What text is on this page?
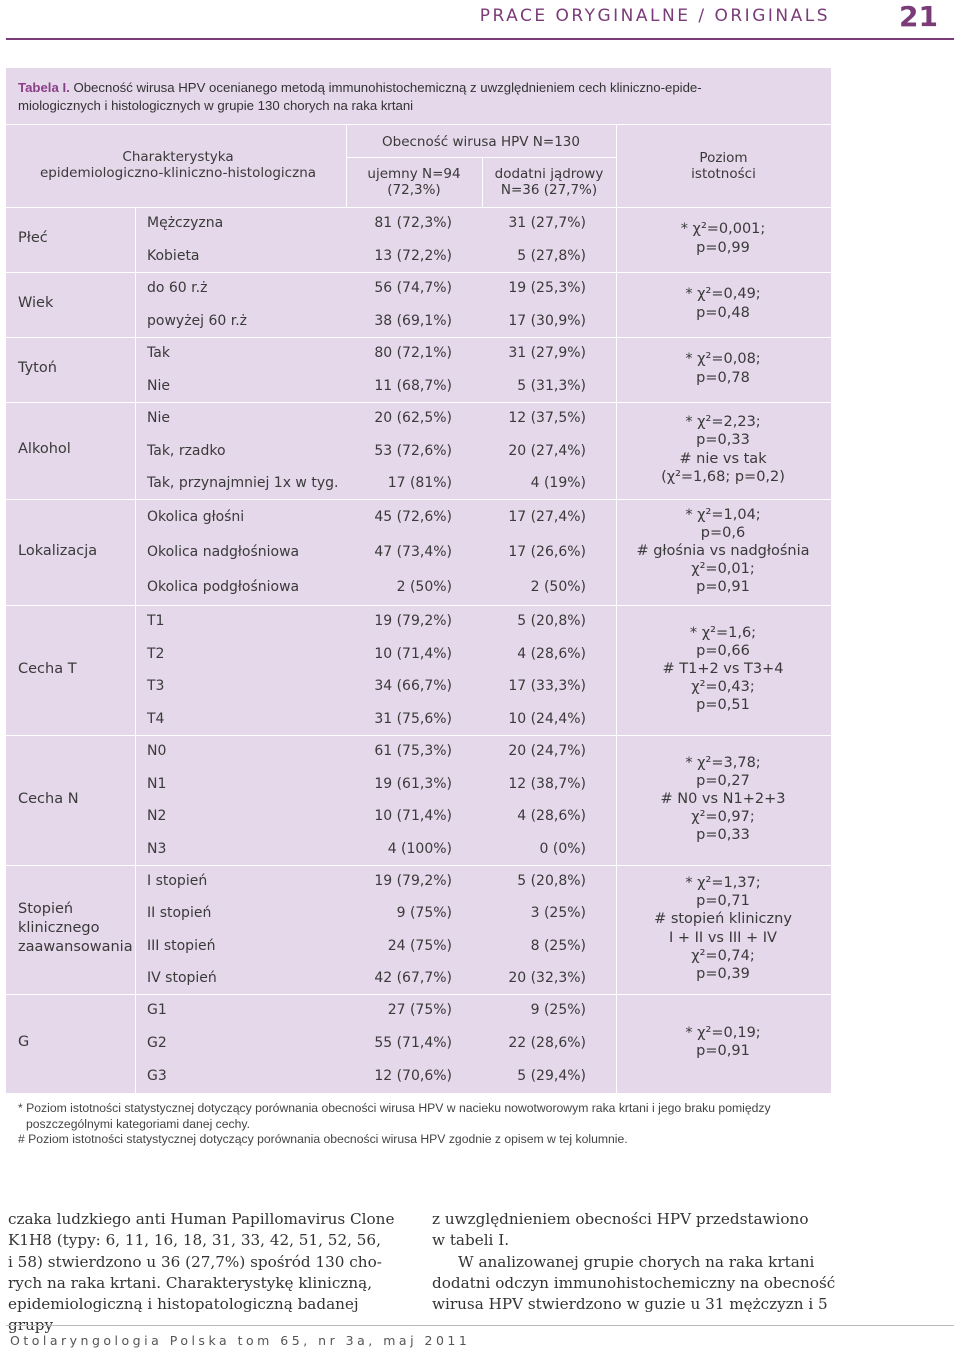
PRACE ORYGINALNE / ORIGINALS 21
Tabela I. Obecność wirusa HPV ocenianego metodą immunohistochemiczną z uwzględnieniem cech kliniczno-epide-
miologicznych i histologicznych w grupie 130 chorych na raka krtani
Charakterystyka
epidemiologiczno-kliniczno-histologiczna
Obecność wirusa HPV N=130
ujemny N=94
(72,3%)
dodatni jądrowy
N=36 (27,7%)
Poziom
istotności
Płeć
Mężczyzna	81 (72,3%)	31 (27,7%)
Kobieta	13 (72,2%)	5 (27,8%)
* χ²=0,001;
p=0,99
Wiek
do 60 r.ż	56 (74,7%)	19 (25,3%)
powyżej 60 r.ż	38 (69,1%)	17 (30,9%)
* χ²=0,49;
p=0,48
Tytoń
Tak	80 (72,1%)	31 (27,9%)
Nie	11 (68,7%)	5 (31,3%)
* χ²=0,08;
p=0,78
Alkohol
Nie	20 (62,5%)	12 (37,5%)
Tak, rzadko	53 (72,6%)	20 (27,4%)
Tak, przynajmniej 1x w tyg.	17 (81%)	4 (19%)
* χ²=2,23;
p=0,33
# nie vs tak
(χ²=1,68; p=0,2)
Lokalizacja
Okolica głośni	45 (72,6%)	17 (27,4%)
Okolica nadgłośniowa	47 (73,4%)	17 (26,6%)
Okolica podgłośniowa	2 (50%)	2 (50%)
* χ²=1,04;
p=0,6
# głośnia vs nadgłośnia
χ²=0,01;
p=0,91
Cecha T
T1	19 (79,2%)	5 (20,8%)
T2	10 (71,4%)	4 (28,6%)
T3	34 (66,7%)	17 (33,3%)
T4	31 (75,6%)	10 (24,4%)
* χ²=1,6;
p=0,66
# T1+2 vs T3+4
χ²=0,43;
p=0,51
Cecha N
N0	61 (75,3%)	20 (24,7%)
N1	19 (61,3%)	12 (38,7%)
N2	10 (71,4%)	4 (28,6%)
N3	4 (100%)	0 (0%)
* χ²=3,78;
p=0,27
# N0 vs N1+2+3
χ²=0,97;
p=0,33
Stopień
klinicznego
zaawansowania
I stopień	19 (79,2%)	5 (20,8%)
II stopień	9 (75%)	3 (25%)
III stopień	24 (75%)	8 (25%)
IV stopień	42 (67,7%)	20 (32,3%)
* χ²=1,37;
p=0,71
# stopień kliniczny
I + II vs III + IV
χ²=0,74;
p=0,39
G
G1	27 (75%)	9 (25%)
G2	55 (71,4%)	22 (28,6%)
G3	12 (70,6%)	5 (29,4%)
* χ²=0,19;
p=0,91
* Poziom istotności statystycznej dotyczący porównania obecności wirusa HPV w nacieku nowotworowym raka krtani i jego braku pomiędzy
poszczególnymi kategoriami danej cechy.
# Poziom istotności statystycznej dotyczący porównania obecności wirusa HPV zgodnie z opisem w tej kolumnie.
czaka ludzkiego anti Human Papillomavirus Clone
K1H8 (typy: 6, 11, 16, 18, 31, 33, 42, 51, 52, 56,
i 58) stwierdzono u 36 (27,7%) spośród 130 cho-
rych na raka krtani. Charakterystykę kliniczną,
epidemiologiczną i histopatologiczną badanej grupy
z uwzględnieniem obecności HPV przedstawiono
w tabeli I.
W analizowanej grupie chorych na raka krtani
dodatni odczyn immunohistochemiczny na obecność
wirusa HPV stwierdzono w guzie u 31 mężczyzn i 5
Otolaryngologia Polska tom 65, nr 3a, maj 2011
